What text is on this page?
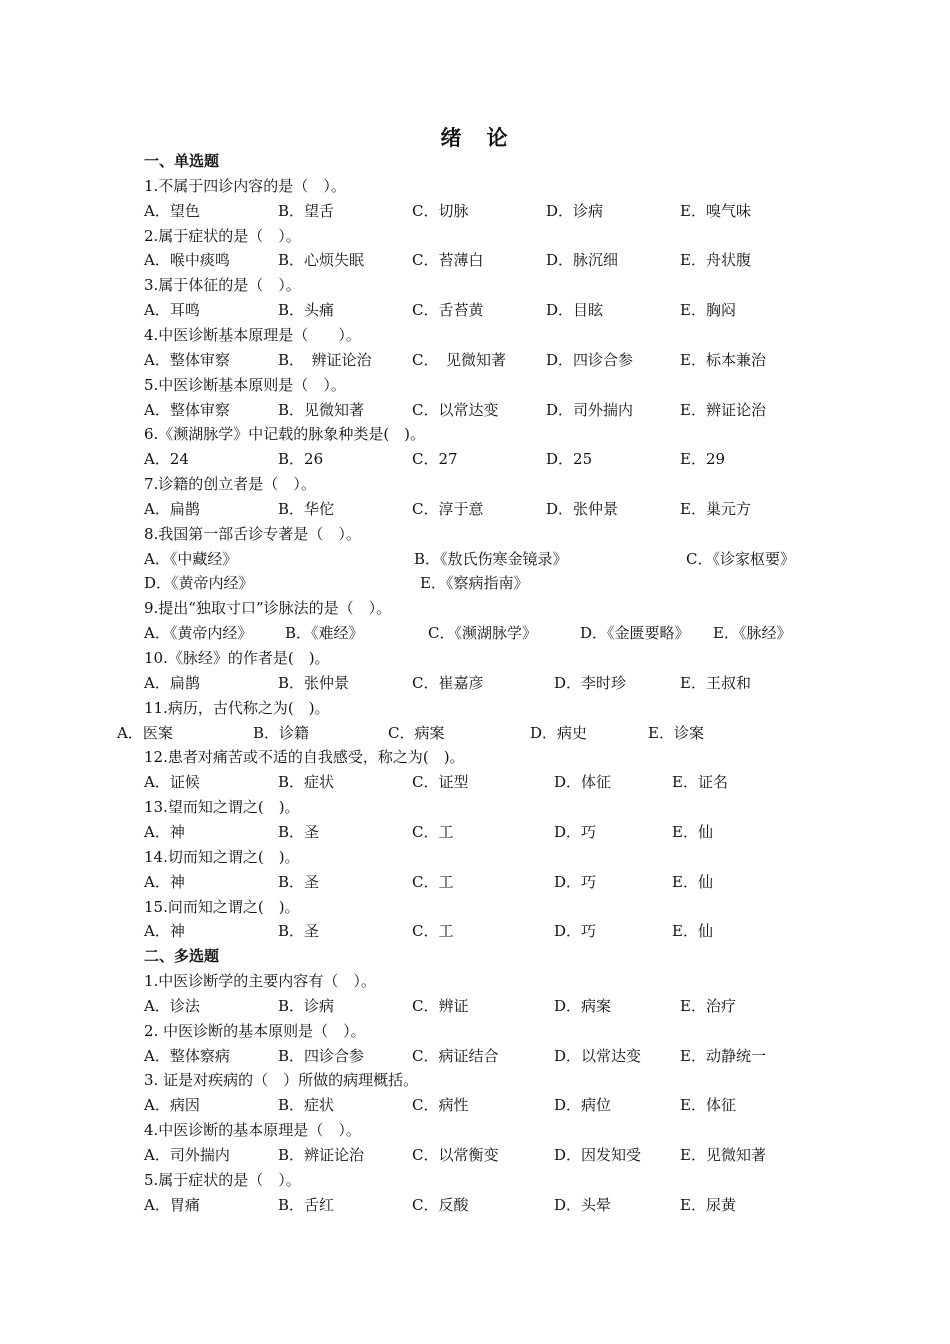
绪　论
一、单选题
1.不属于四诊内容的是（　）。
A．望色	B．望舌	C．切脉	D．诊病	E．嗅气味
2.属于症状的是（　）。
A．喉中痰鸣	B．心烦失眠	C．苔薄白	D．脉沉细	E．舟状腹
3.属于体征的是（　）。
A．耳鸣	B．头痛	C．舌苔黄	D．目眩	E．胸闷
4.中医诊断基本原理是（　　）。
A．整体审察	B．　辨证论治	C．　见微知著	D．四诊合参	E．标本兼治
5.中医诊断基本原则是（　）。
A．整体审察	B．见微知著	C．以常达变	D．司外揣内	E．辨证论治
6.《濒湖脉学》中记载的脉象种类是(　)。
A．24	B．26	C．27	D．25	E．29
7.诊籍的创立者是（　）。
A．扁鹊	B．华佗	C．淳于意	D．张仲景	E．巢元方
8.我国第一部舌诊专著是（　）。
A．《中藏经》	B．《敖氏伤寒金镜录》	C．《诊家枢要》
D．《黄帝内经》	E．《察病指南》
9.提出“独取寸口”诊脉法的是（　）。
A．《黄帝内经》 B．《难经》	C．《濒湖脉学》	D．《金匮要略》 E．《脉经》
10.《脉经》的作者是(　)。
A．扁鹊	B．张仲景	C．崔嘉彦	D．李时珍	E．王叔和
11.病历，古代称之为(　)。
A．医案	B．诊籍	C．病案	D．病史	E．诊案
12.患者对痛苦或不适的自我感受，称之为(　)。
A．证候	B．症状	C．证型	D．体征	E．证名
13.望而知之谓之(　)。
A．神	B．圣	C．工	D．巧	E．仙
14.切而知之谓之(　)。
A．神	B．圣	C．工	D．巧	E．仙
15.问而知之谓之(　)。
A．神	B．圣	C．工	D．巧	E．仙
二、多选题
1.中医诊断学的主要内容有（　）。
A．诊法	B．诊病	C．辨证	D．病案	E．治疗
2. 中医诊断的基本原则是（　）。
A．整体察病	B．四诊合参	C．病证结合	D．以常达变	E．动静统一
3. 证是对疾病的（　）所做的病理概括。
A．病因	B．症状	C．病性	D．病位	E．体征
4.中医诊断的基本原理是（　）。
A．司外揣内	B．辨证论治	C．以常衡变	D．因发知受	E．见微知著
5.属于症状的是（　）。
A．胃痛	B．舌红	C．反酸	D．头晕	E．尿黄
